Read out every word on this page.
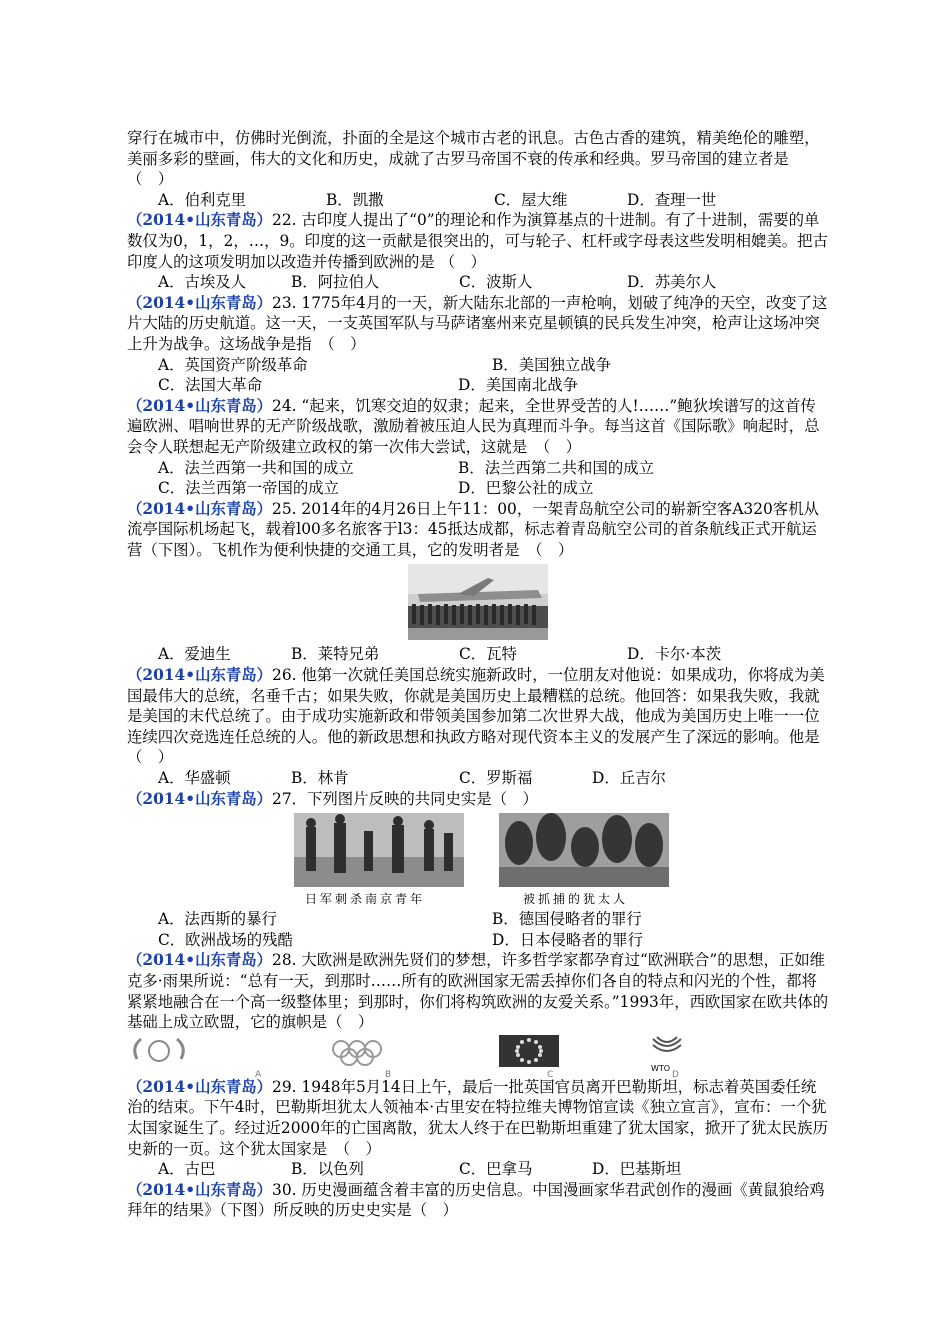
穿行在城市中，仿佛时光倒流，扑面的全是这个城市古老的讯息。古色古香的建筑，精美绝伦的雕塑，美丽多彩的壁画，伟大的文化和历史，成就了古罗马帝国不衰的传承和经典。罗马帝国的建立者是　（　）

A．伯利克里	B．凯撒	C．屋大维	D．查理一世

（2014•山东青岛）22. 古印度人提出了“0”的理论和作为演算基点的十进制。有了十进制，需要的单数仅为0，1，2，…，9。印度的这一贡献是很突出的，可与轮子、杠杆或字母表这些发明相媲美。把古印度人的这项发明加以改造并传播到欧洲的是 （　）

A．古埃及人	B．阿拉伯人	C．波斯人	D．苏美尔人

（2014•山东青岛）23. 1775年4月的一天，新大陆东北部的一声枪响，划破了纯净的天空，改变了这片大陆的历史航道。这一天，一支英国军队与马萨诸塞州来克星顿镇的民兵发生冲突，枪声让这场冲突上升为战争。这场战争是指　（　）

A．英国资产阶级革命	B．美国独立战争
C．法国大革命	D．美国南北战争

（2014•山东青岛）24. “起来，饥寒交迫的奴隶；起来，全世界受苦的人!……”鲍狄埃谱写的这首传遍欧洲、唱响世界的无产阶级战歌，激励着被压迫人民为真理而斗争。每当这首《国际歌》响起时，总会令人联想起无产阶级建立政权的第一次伟大尝试，这就是　（　）

A．法兰西第一共和国的成立	B．法兰西第二共和国的成立
C．法兰西第一帝国的成立	D．巴黎公社的成立

（2014•山东青岛）25. 2014年的4月26日上午11：00，一架青岛航空公司的崭新空客A320客机从流亭国际机场起飞，载着l00多名旅客于l3：45抵达成都，标志着青岛航空公司的首条航线正式开航运营（下图）。飞机作为便利快捷的交通工具，它的发明者是　（　）

A．爱迪生	B．莱特兄弟	C．瓦特	D．卡尔·本茨

（2014•山东青岛）26. 他第一次就任美国总统实施新政时，一位朋友对他说：如果成功，你将成为美国最伟大的总统，名垂千古；如果失败，你就是美国历史上最糟糕的总统。他回答：如果我失败，我就是美国的末代总统了。由于成功实施新政和带领美国参加第二次世界大战，他成为美国历史上唯一一位连续四次竞选连任总统的人。他的新政思想和执政方略对现代资本主义的发展产生了深远的影响。他是　（　）

A．华盛顿	B．林肯	C．罗斯福	D．丘吉尔

（2014•山东青岛）27．下列图片反映的共同史实是（　）

日军刺杀南京青年	被抓捕的犹太人
A．法西斯的暴行	B．德国侵略者的罪行
C．欧洲战场的残酷	D．日本侵略者的罪行

（2014•山东青岛）28. 大欧洲是欧洲先贤们的梦想，许多哲学家都孕育过“欧洲联合”的思想，正如维克多·雨果所说：“总有一天，到那时……所有的欧洲国家无需丢掉你们各自的特点和闪光的个性，都将紧紧地融合在一个高一级整体里；到那时，你们将构筑欧洲的友爱关系。”1993年，西欧国家在欧共体的基础上成立欧盟，它的旗帜是（　）

A	B	C
WTO
D

（2014•山东青岛）29. 1948年5月14日上午，最后一批英国官员离开巴勒斯坦，标志着英国委任统治的结束。下午4时，巴勒斯坦犹太人领袖本·古里安在特拉维夫博物馆宣读《独立宣言》，宣布：一个犹太国家诞生了。经过近2000年的亡国离散，犹太人终于在巴勒斯坦重建了犹太国家，掀开了犹太民族历史新的一页。这个犹太国家是　（　）

A．古巴	B．以色列	C．巴拿马	D．巴基斯坦

（2014•山东青岛）30. 历史漫画蕴含着丰富的历史信息。中国漫画家华君武创作的漫画《黄鼠狼给鸡拜年的结果》（下图）所反映的历史史实是（　）
